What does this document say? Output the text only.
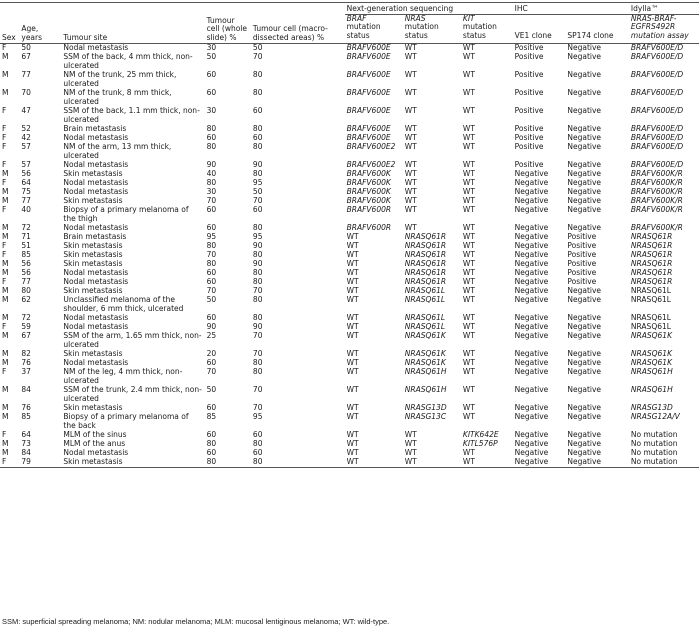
Sex	Age, years	Tumour site	Tumour cell (whole slide) %	Tumour cell (macro-dissected areas) %	Next-generation sequencing			IHC		Idylla™
					BRAF mutation status	NRAS mutation status	KIT mutation status	VE1 clone	SP174 clone	NRAS-BRAF-EGFRS492R mutation assay
F	50	Nodal metastasis	30	50	BRAFV600E	WT	WT	Positive	Negative	BRAFV600E/D
M	67	SSM of the back, 4 mm thick, non-ulcerated	50	70	BRAFV600E	WT	WT	Positive	Negative	BRAFV600E/D
M	77	NM of the trunk, 25 mm thick, ulcerated	60	80	BRAFV600E	WT	WT	Positive	Negative	BRAFV600E/D
M	70	NM of the trunk, 8 mm thick, ulcerated	60	80	BRAFV600E	WT	WT	Positive	Negative	BRAFV600E/D
F	47	SSM of the back, 1.1 mm thick, non-ulcerated	30	60	BRAFV600E	WT	WT	Positive	Negative	BRAFV600E/D
F	52	Brain metastasis	80	80	BRAFV600E	WT	WT	Positive	Negative	BRAFV600E/D
F	42	Nodal metastasis	60	60	BRAFV600E	WT	WT	Positive	Negative	BRAFV600E/D
F	57	NM of the arm, 13 mm thick, ulcerated	80	80	BRAFV600E2	WT	WT	Positive	Negative	BRAFV600E/D
F	57	Nodal metastasis	90	90	BRAFV600E2	WT	WT	Positive	Negative	BRAFV600E/D
M	56	Skin metastasis	40	80	BRAFV600K	WT	WT	Negative	Negative	BRAFV600K/R
F	64	Nodal metastasis	80	95	BRAFV600K	WT	WT	Negative	Negative	BRAFV600K/R
M	75	Nodal metastasis	30	50	BRAFV600K	WT	WT	Negative	Negative	BRAFV600K/R
M	77	Skin metastasis	70	70	BRAFV600K	WT	WT	Negative	Negative	BRAFV600K/R
F	40	Biopsy of a primary melanoma of the thigh	60	60	BRAFV600R	WT	WT	Negative	Negative	BRAFV600K/R
M	72	Nodal metastasis	60	80	BRAFV600R	WT	WT	Negative	Negative	BRAFV600K/R
M	71	Brain metastasis	95	95	WT	NRASQ61R	WT	Negative	Positive	NRASQ61R
F	51	Skin metastasis	80	90	WT	NRASQ61R	WT	Negative	Positive	NRASQ61R
F	85	Skin metastasis	70	80	WT	NRASQ61R	WT	Negative	Positive	NRASQ61R
M	56	Skin metastasis	80	90	WT	NRASQ61R	WT	Negative	Positive	NRASQ61R
M	56	Nodal metastasis	60	80	WT	NRASQ61R	WT	Negative	Positive	NRASQ61R
F	77	Nodal metastasis	60	80	WT	NRASQ61R	WT	Negative	Positive	NRASQ61R
M	80	Skin metastasis	70	70	WT	NRASQ61L	WT	Negative	Negative	NRASQ61L
M	62	Unclassified melanoma of the shoulder, 6 mm thick, ulcerated	50	80	WT	NRASQ61L	WT	Negative	Negative	NRASQ61L
M	72	Nodal metastasis	60	80	WT	NRASQ61L	WT	Negative	Negative	NRASQ61L
F	59	Nodal metastasis	90	90	WT	NRASQ61L	WT	Negative	Negative	NRASQ61L
M	67	SSM of the arm, 1.65 mm thick, non-ulcerated	25	70	WT	NRASQ61K	WT	Negative	Negative	NRASQ61K
M	82	Skin metastasis	20	70	WT	NRASQ61K	WT	Negative	Negative	NRASQ61K
M	76	Nodal metastasis	60	80	WT	NRASQ61K	WT	Negative	Negative	NRASQ61K
F	37	NM of the leg, 4 mm thick, non-ulcerated	70	80	WT	NRASQ61H	WT	Negative	Negative	NRASQ61H
M	84	SSM of the trunk, 2.4 mm thick, non-ulcerated	50	70	WT	NRASQ61H	WT	Negative	Negative	NRASQ61H
M	76	Skin metastasis	60	70	WT	NRASG13D	WT	Negative	Negative	NRASG13D
M	85	Biopsy of a primary melanoma of the back	85	95	WT	NRASG13C	WT	Negative	Negative	NRASG12A/V
F	64	MLM of the sinus	60	60	WT	WT	KITK642E	Negative	Negative	No mutation
M	73	MLM of the anus	80	80	WT	WT	KITL576P	Negative	Negative	No mutation
M	84	Nodal metastasis	60	60	WT	WT	WT	Negative	Negative	No mutation
F	79	Skin metastasis	80	80	WT	WT	WT	Negative	Negative	No mutation
SSM: superficial spreading melanoma; NM: nodular melanoma; MLM: mucosal lentiginous melanoma; WT: wild-type.
